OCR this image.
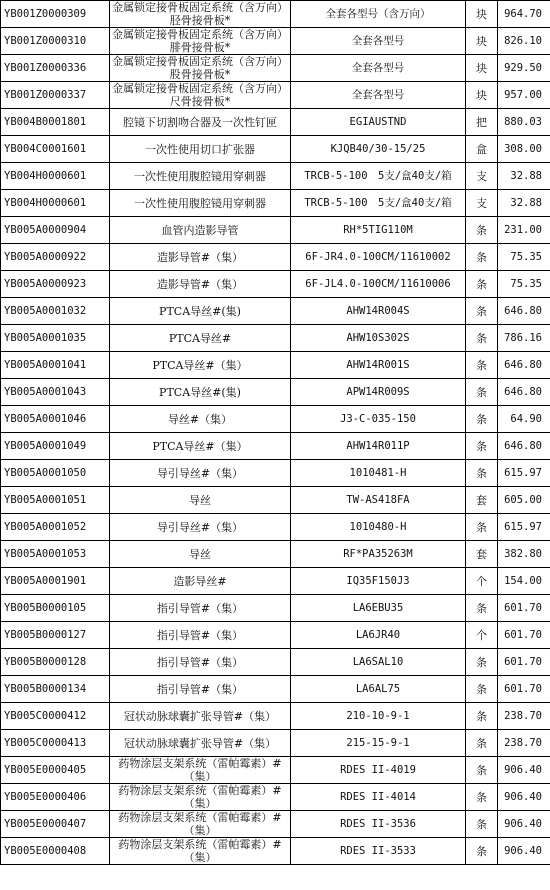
YB001Z0000309	金属锁定接骨板固定系统（含万向）胫骨接骨板*	全套各型号（含万向）	块	964.70
YB001Z0000310	金属锁定接骨板固定系统（含万向）腓骨接骨板*	全套各型号	块	826.10
YB001Z0000336	金属锁定接骨板固定系统（含万向）股骨接骨板*	全套各型号	块	929.50
YB001Z0000337	金属锁定接骨板固定系统（含万向）尺骨接骨板*	全套各型号	块	957.00
YB004B0001801	腔镜下切割吻合器及一次性钉匣	EGIAUSTND	把	880.03
YB004C0001601	一次性使用切口扩张器	KJQB40/30-15/25	盒	308.00
YB004H0000601	一次性使用腹腔镜用穿刺器	TRCB-5-100　5支/盒40支/箱	支	32.88
YB004H0000601	一次性使用腹腔镜用穿刺器	TRCB-5-100　5支/盒40支/箱	支	32.88
YB005A0000904	血管内造影导管	RH*5TIG110M	条	231.00
YB005A0000922	造影导管#（集）	6F-JR4.0-100CM/11610002	条	75.35
YB005A0000923	造影导管#（集）	6F-JL4.0-100CM/11610006	条	75.35
YB005A0001032	PTCA导丝#(集)	AHW14R004S	条	646.80
YB005A0001035	PTCA导丝#	AHW10S302S	条	786.16
YB005A0001041	PTCA导丝#（集）	AHW14R001S	条	646.80
YB005A0001043	PTCA导丝#(集)	APW14R009S	条	646.80
YB005A0001046	导丝#（集）	J3-C-035-150	条	64.90
YB005A0001049	PTCA导丝#（集）	AHW14R011P	条	646.80
YB005A0001050	导引导丝#（集）	1010481-H	条	615.97
YB005A0001051	导丝	TW-AS418FA	套	605.00
YB005A0001052	导引导丝#（集）	1010480-H	条	615.97
YB005A0001053	导丝	RF*PA35263M	套	382.80
YB005A0001901	造影导丝#	IQ35F150J3	个	154.00
YB005B0000105	指引导管#（集）	LA6EBU35	条	601.70
YB005B0000127	指引导管#（集）	LA6JR40	个	601.70
YB005B0000128	指引导管#（集）	LA6SAL10	条	601.70
YB005B0000134	指引导管#（集）	LA6AL75	条	601.70
YB005C0000412	冠状动脉球囊扩张导管#（集）	210-10-9-1	条	238.70
YB005C0000413	冠状动脉球囊扩张导管#（集）	215-15-9-1	条	238.70
YB005E0000405	药物涂层支架系统（雷帕霉素）#（集）	RDES II-4019	条	906.40
YB005E0000406	药物涂层支架系统（雷帕霉素）#（集）	RDES II-4014	条	906.40
YB005E0000407	药物涂层支架系统（雷帕霉素）#（集）	RDES II-3536	条	906.40
YB005E0000408	药物涂层支架系统（雷帕霉素）#（集）	RDES II-3533	条	906.40
